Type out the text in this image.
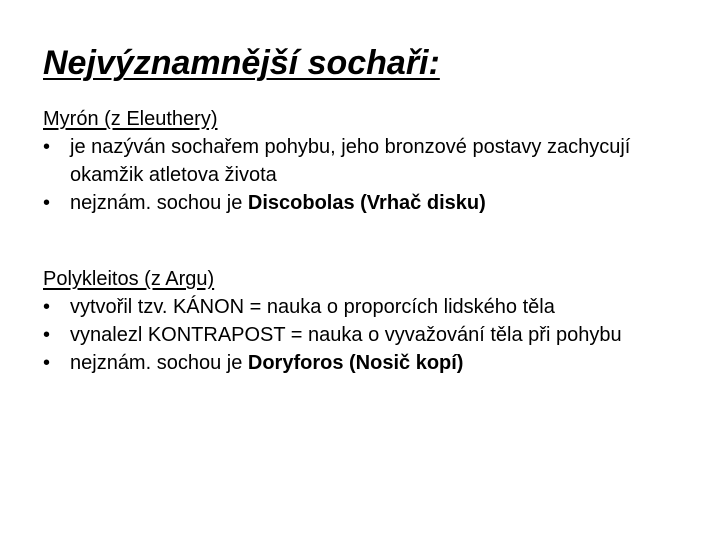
Nejvýznamnější sochaři:
Myrón (z Eleuthery)
• je nazýván sochařem pohybu, jeho bronzové postavy zachycují okamžik atletova života
• nejznám. sochou je Discobolas (Vrhač disku)
Polykleitos (z Argu)
• vytvořil tzv. KÁNON = nauka o proporcích lidského těla
• vynalezl KONTRAPOST = nauka o vyvažování těla při pohybu
• nejznám. sochou je Doryforos (Nosič kopí)
